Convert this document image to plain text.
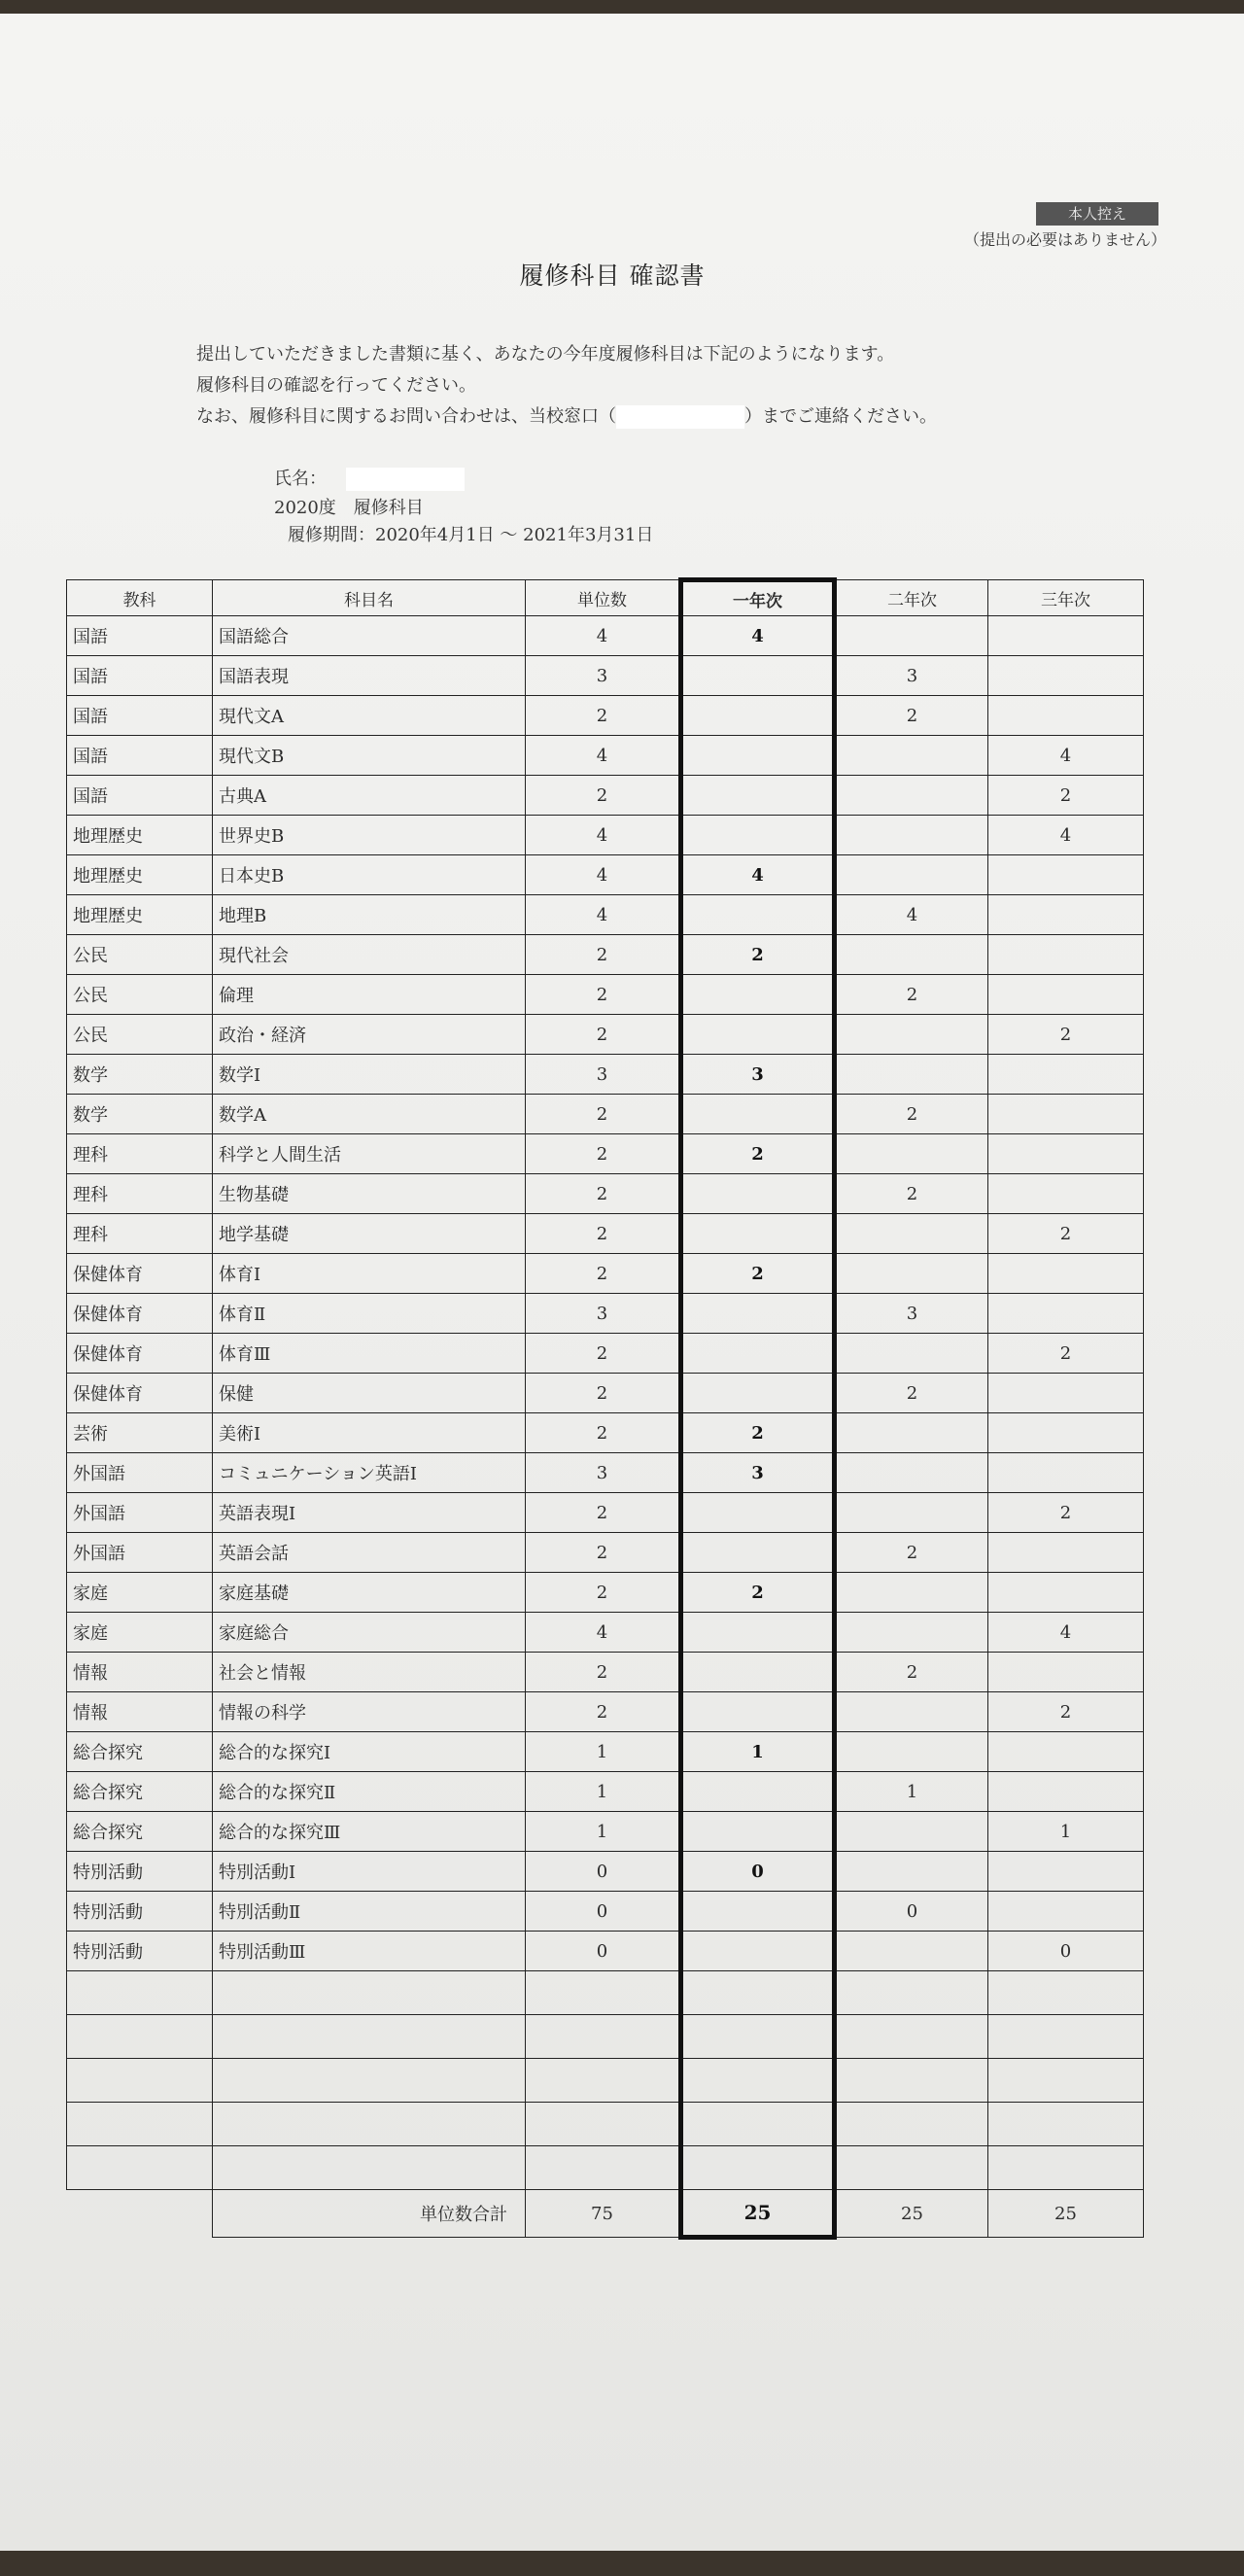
本人控え
（提出の必要はありません）
履修科目 確認書
提出していただきました書類に基く、あなたの今年度履修科目は下記のようになります。
履修科目の確認を行ってください。
なお、履修科目に関するお問い合わせは、当校窓口（	）までご連絡ください。
氏名：
2020度　履修科目
履修期間：2020年4月1日 〜 2021年3月31日
教科	科目名	単位数	一年次	二年次	三年次
国語	国語総合	4	4		
国語	国語表現	3		3	
国語	現代文A	2		2	
国語	現代文B	4			4
国語	古典A	2			2
地理歴史	世界史B	4			4
地理歴史	日本史B	4	4		
地理歴史	地理B	4		4	
公民	現代社会	2	2		
公民	倫理	2		2	
公民	政治・経済	2			2
数学	数学Ⅰ	3	3		
数学	数学A	2		2	
理科	科学と人間生活	2	2		
理科	生物基礎	2		2	
理科	地学基礎	2			2
保健体育	体育Ⅰ	2	2		
保健体育	体育Ⅱ	3		3	
保健体育	体育Ⅲ	2			2
保健体育	保健	2		2	
芸術	美術Ⅰ	2	2		
外国語	コミュニケーション英語Ⅰ	3	3		
外国語	英語表現Ⅰ	2			2
外国語	英語会話	2		2	
家庭	家庭基礎	2	2		
家庭	家庭総合	4			4
情報	社会と情報	2		2	
情報	情報の科学	2			2
総合探究	総合的な探究Ⅰ	1	1		
総合探究	総合的な探究Ⅱ	1		1	
総合探究	総合的な探究Ⅲ	1			1
特別活動	特別活動Ⅰ	0	0		
特別活動	特別活動Ⅱ	0		0	
特別活動	特別活動Ⅲ	0			0

	単位数合計	75	25	25	25
